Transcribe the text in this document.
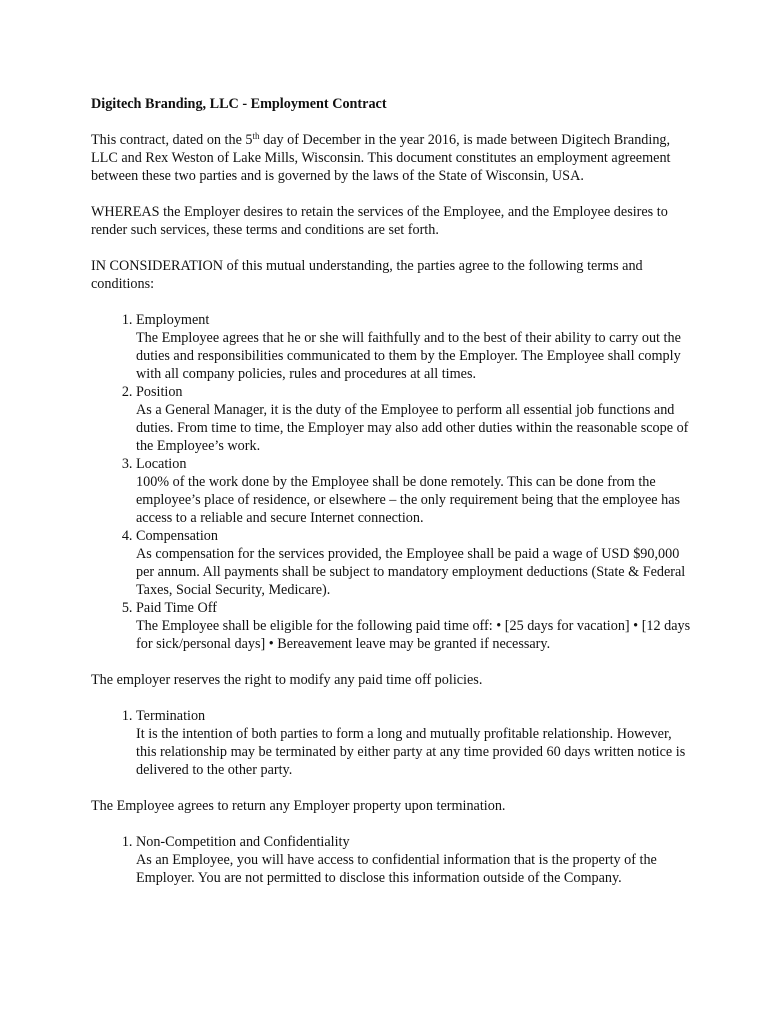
Digitech Branding, LLC - Employment Contract

This contract, dated on the 5th day of December in the year 2016, is made between Digitech Branding, LLC and Rex Weston of Lake Mills, Wisconsin. This document constitutes an employment agreement between these two parties and is governed by the laws of the State of Wisconsin, USA.

WHEREAS the Employer desires to retain the services of the Employee, and the Employee desires to render such services, these terms and conditions are set forth.

IN CONSIDERATION of this mutual understanding, the parties agree to the following terms and conditions:

1. Employment
The Employee agrees that he or she will faithfully and to the best of their ability to carry out the duties and responsibilities communicated to them by the Employer. The Employee shall comply with all company policies, rules and procedures at all times.
2. Position
As a General Manager, it is the duty of the Employee to perform all essential job functions and duties. From time to time, the Employer may also add other duties within the reasonable scope of the Employee’s work.
3. Location
100% of the work done by the Employee shall be done remotely. This can be done from the employee’s place of residence, or elsewhere – the only requirement being that the employee has access to a reliable and secure Internet connection.
4. Compensation
As compensation for the services provided, the Employee shall be paid a wage of USD $90,000 per annum. All payments shall be subject to mandatory employment deductions (State & Federal Taxes, Social Security, Medicare).
5. Paid Time Off
The Employee shall be eligible for the following paid time off: • [25 days for vacation] • [12 days for sick/personal days] • Bereavement leave may be granted if necessary.

The employer reserves the right to modify any paid time off policies.

1. Termination
It is the intention of both parties to form a long and mutually profitable relationship. However, this relationship may be terminated by either party at any time provided 60 days written notice is delivered to the other party.

The Employee agrees to return any Employer property upon termination.

1. Non-Competition and Confidentiality
As an Employee, you will have access to confidential information that is the property of the Employer. You are not permitted to disclose this information outside of the Company.
